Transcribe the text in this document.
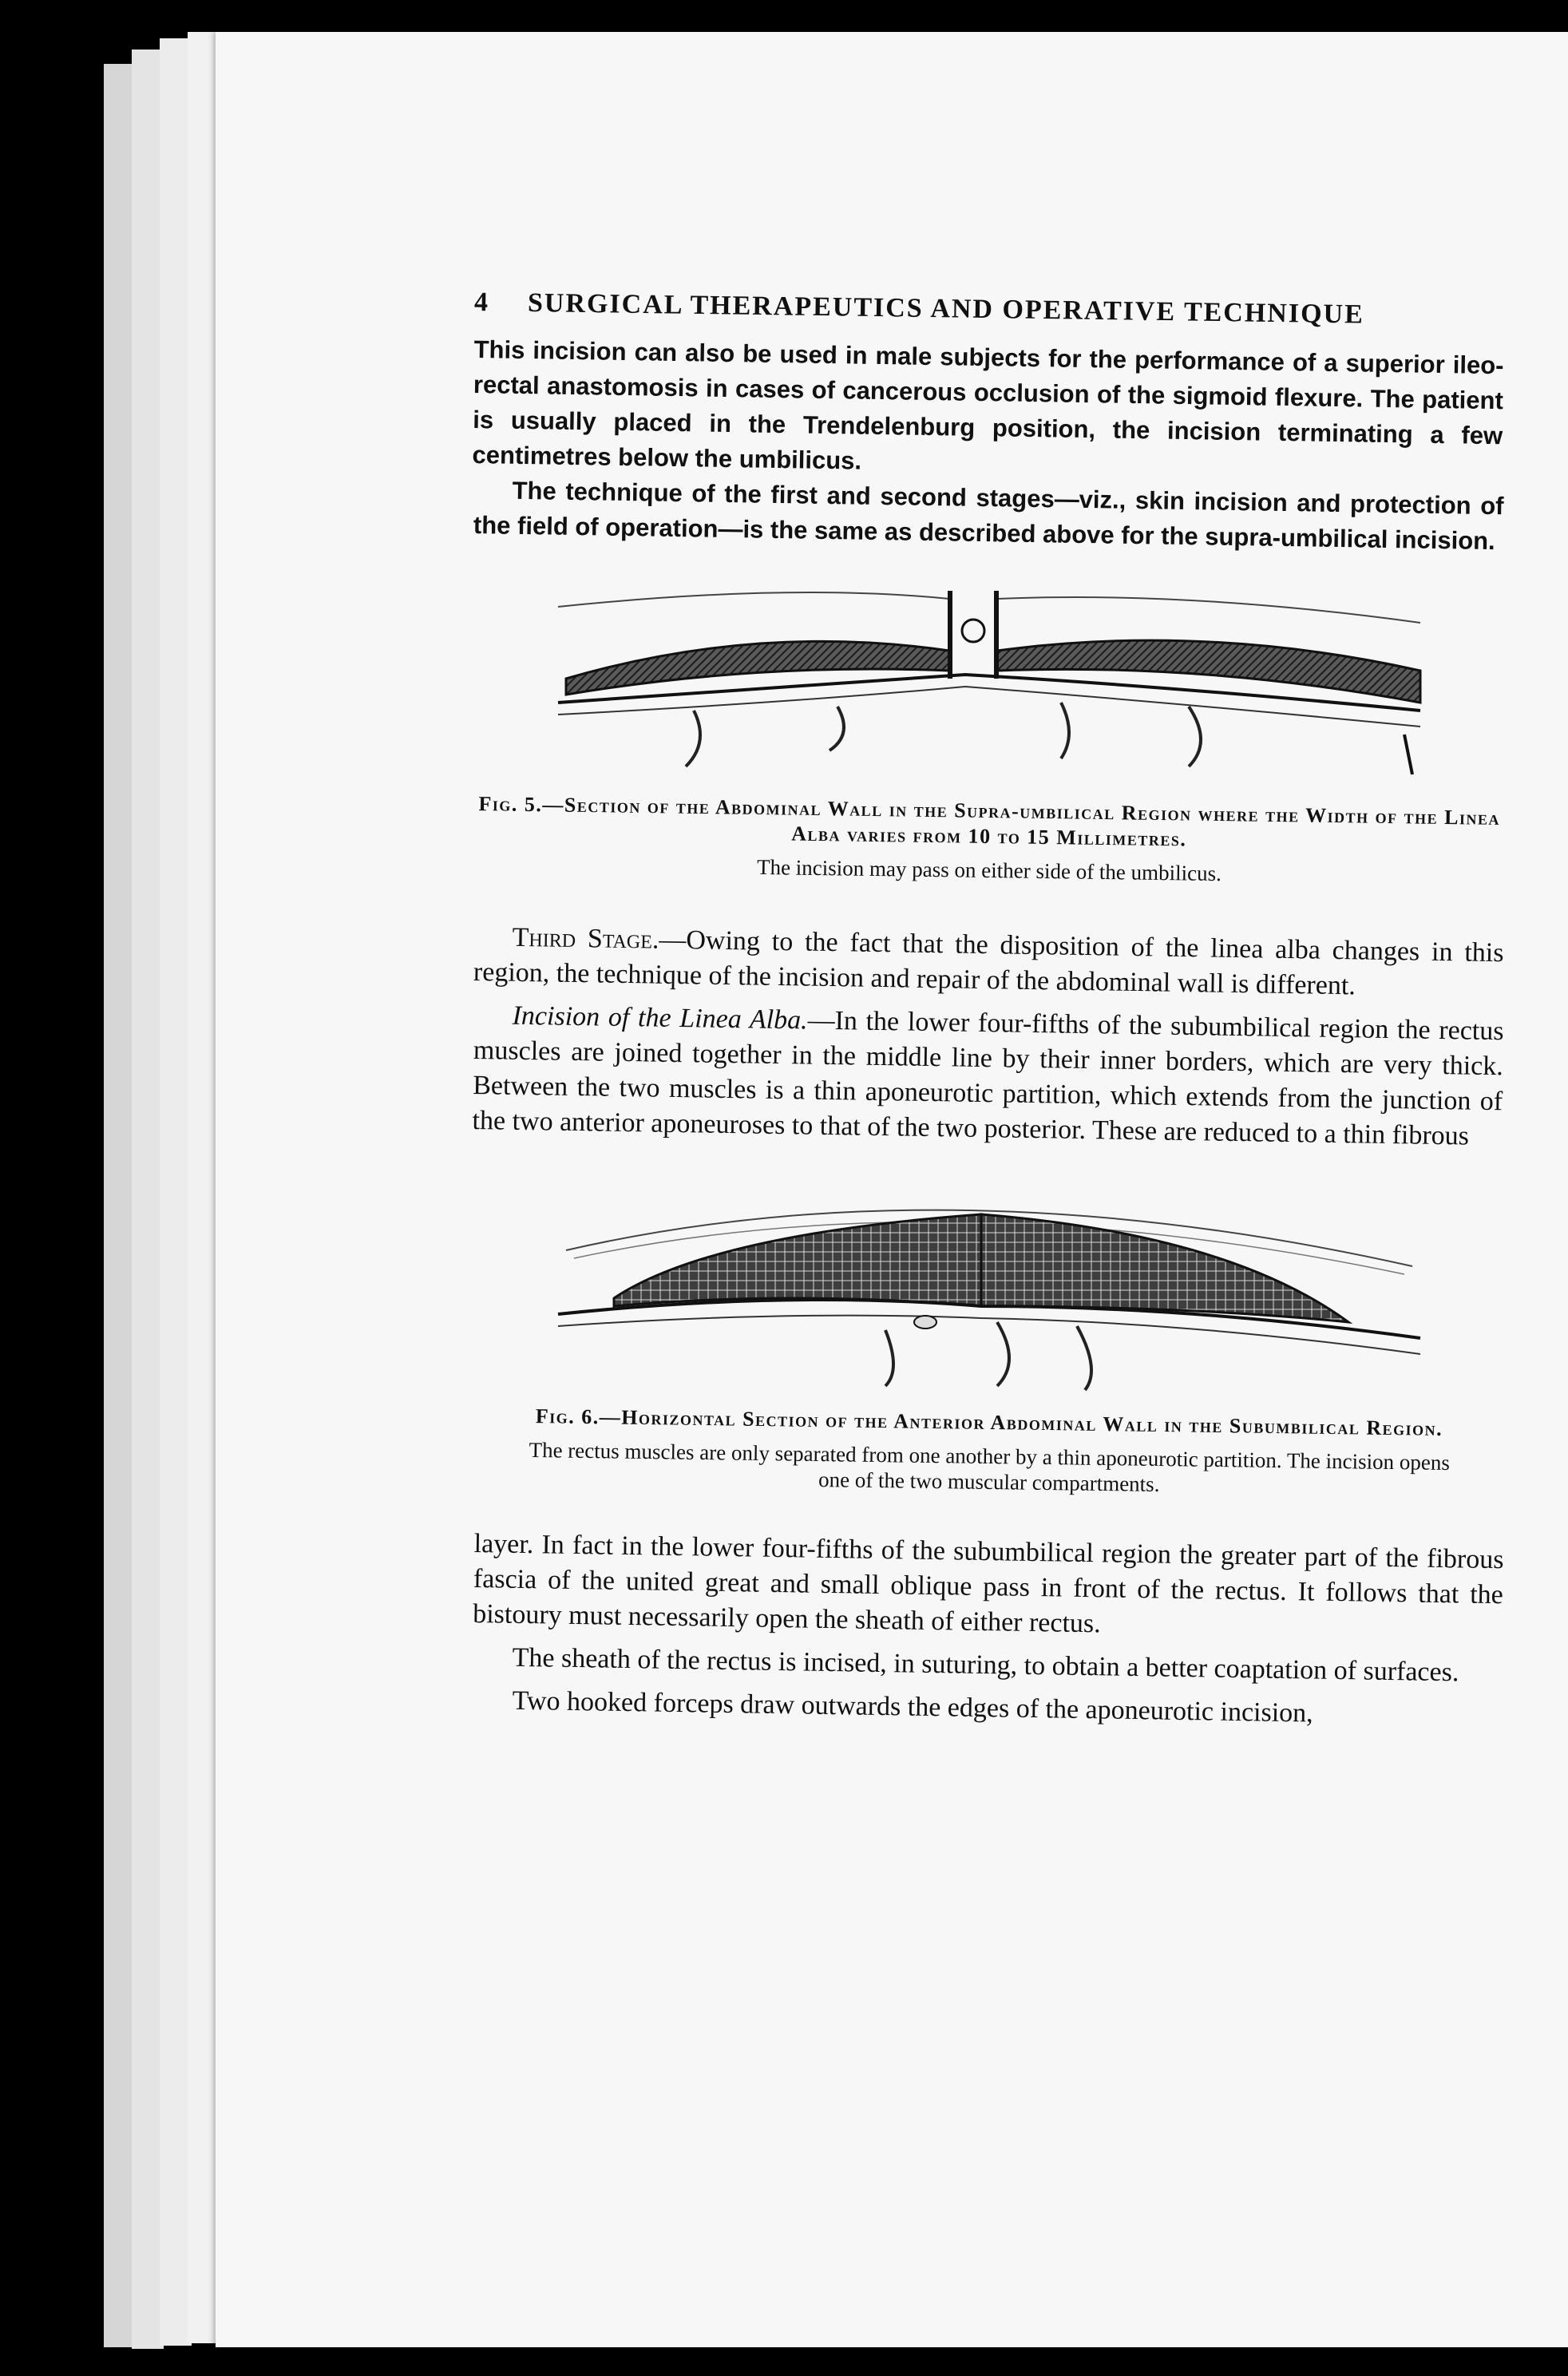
4 SURGICAL THERAPEUTICS AND OPERATIVE TECHNIQUE

This incision can also be used in male subjects for the performance of a superior ileo-rectal anastomosis in cases of cancerous occlusion of the sigmoid flexure. The patient is usually placed in the Trendelenburg position, the incision terminating a few centimetres below the umbilicus.

The technique of the first and second stages—viz., skin incision and protection of the field of operation—is the same as described above for the supra-umbilical incision.

Fig. 5.—Section of the Abdominal Wall in the Supra-umbilical Region where the Width of the Linea Alba varies from 10 to 15 Millimetres.
The incision may pass on either side of the umbilicus.

Third Stage.—Owing to the fact that the disposition of the linea alba changes in this region, the technique of the incision and repair of the abdominal wall is different.

Incision of the Linea Alba.—In the lower four-fifths of the subumbilical region the rectus muscles are joined together in the middle line by their inner borders, which are very thick. Between the two muscles is a thin aponeurotic partition, which extends from the junction of the two anterior aponeuroses to that of the two posterior. These are reduced to a thin fibrous

Fig. 6.—Horizontal Section of the Anterior Abdominal Wall in the Subumbilical Region.
The rectus muscles are only separated from one another by a thin aponeurotic partition. The incision opens one of the two muscular compartments.

layer. In fact in the lower four-fifths of the subumbilical region the greater part of the fibrous fascia of the united great and small oblique pass in front of the rectus. It follows that the bistoury must necessarily open the sheath of either rectus.

The sheath of the rectus is incised, in suturing, to obtain a better coaptation of surfaces.

Two hooked forceps draw outwards the edges of the aponeurotic incision,
